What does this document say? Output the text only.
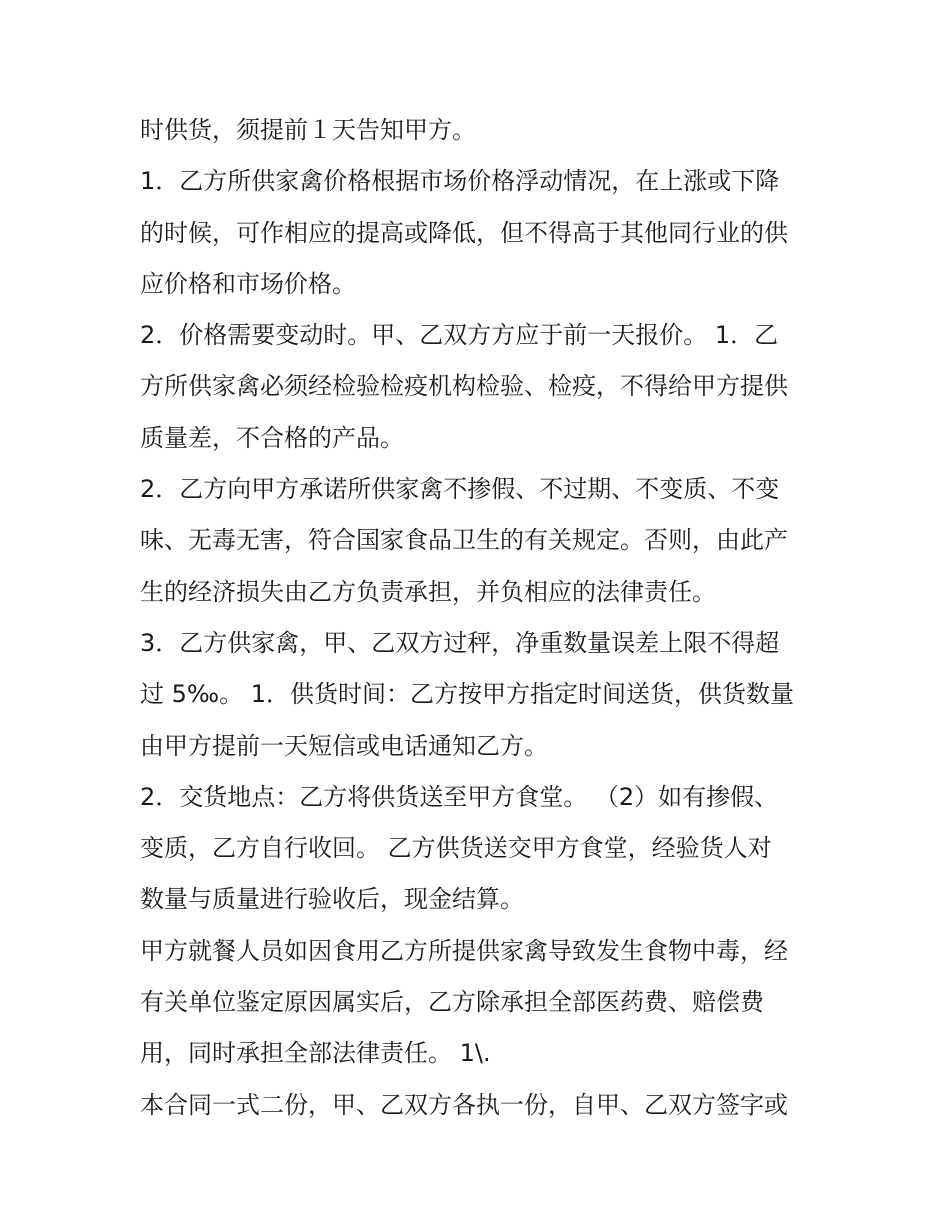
时供货，须提前１天告知甲方。
1．乙方所供家禽价格根据市场价格浮动情况，在上涨或下降
的时候，可作相应的提高或降低，但不得高于其他同行业的供
应价格和市场价格。
2．价格需要变动时。甲、乙双方方应于前一天报价。 1．乙
方所供家禽必须经检验检疫机构检验、检疫，不得给甲方提供
质量差，不合格的产品。
2．乙方向甲方承诺所供家禽不掺假、不过期、不变质、不变
味、无毒无害，符合国家食品卫生的有关规定。否则，由此产
生的经济损失由乙方负责承担，并负相应的法律责任。
3．乙方供家禽，甲、乙双方过秤，净重数量误差上限不得超
过 5‰。 1．供货时间：乙方按甲方指定时间送货，供货数量
由甲方提前一天短信或电话通知乙方。
2．交货地点：乙方将供货送至甲方食堂。 （2）如有掺假、
变质，乙方自行收回。 乙方供货送交甲方食堂，经验货人对
数量与质量进行验收后，现金结算。
甲方就餐人员如因食用乙方所提供家禽导致发生食物中毒，经
有关单位鉴定原因属实后，乙方除承担全部医药费、赔偿费
用，同时承担全部法律责任。 1\.
本合同一式二份，甲、乙双方各执一份，自甲、乙双方签字或
